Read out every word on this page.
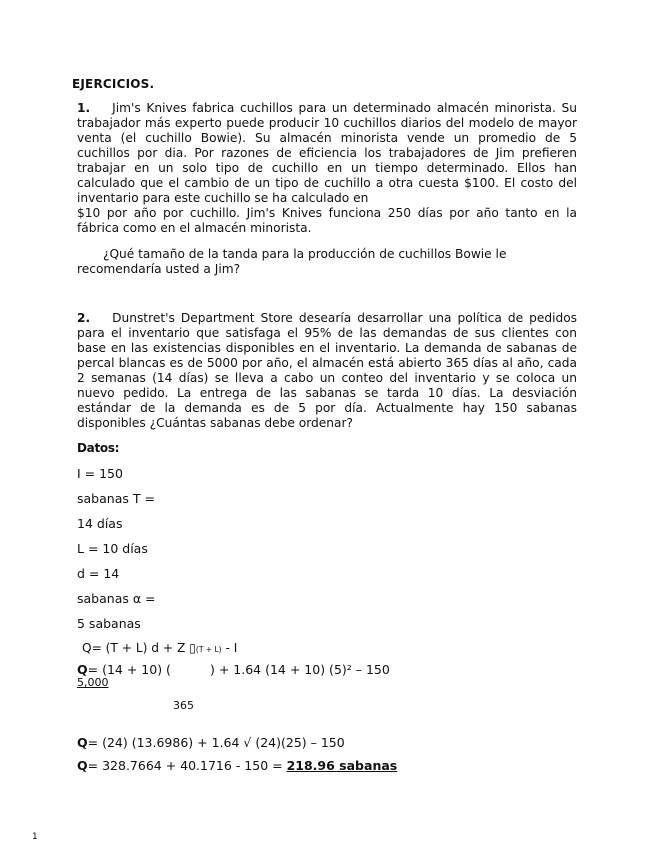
EJERCICIOS.
1. Jim's Knives fabrica cuchillos para un determinado almacén minorista. Su trabajador más experto puede producir 10 cuchillos diarios del modelo de mayor venta (el cuchillo Bowie). Su almacén minorista vende un promedio de 5 cuchillos por dia. Por razones de eficiencia los trabajadores de Jim prefieren trabajar en un solo tipo de cuchillo en un tiempo determinado. Ellos han calculado que el cambio de un tipo de cuchillo a otra cuesta $100. El costo del inventario para este cuchillo se ha calculado en
$10 por año por cuchillo. Jim's Knives funciona 250 días por año tanto en la fábrica como en el almacén minorista.
¿Qué tamaño de la tanda para la producción de cuchillos Bowie le recomendaría usted a Jim?
2. Dunstret's Department Store desearía desarrollar una política de pedidos para el inventario que satisfaga el 95% de las demandas de sus clientes con base en las existencias disponibles en el inventario. La demanda de sabanas de percal blancas es de 5000 por año, el almacén está abierto 365 días al año, cada 2 semanas (14 días) se lleva a cabo un conteo del inventario y se coloca un nuevo pedido. La entrega de las sabanas se tarda 10 días. La desviación estándar de la demanda es de 5 por día. Actualmente hay 150 sabanas disponibles ¿Cuántas sabanas debe ordenar?
Datos:
I = 150
sabanas T =
14 días
L = 10 días
d = 14
sabanas α =
5 sabanas
Q= (T + L) d + Z ▯(T + L) - I
Q= (14 + 10) (	) + 1.64 (14 + 10) (5)² – 150
5,000
365
Q= (24) (13.6986) + 1.64 √ (24)(25) – 150
Q= 328.7664 + 40.1716 - 150 = 218.96 sabanas
1
